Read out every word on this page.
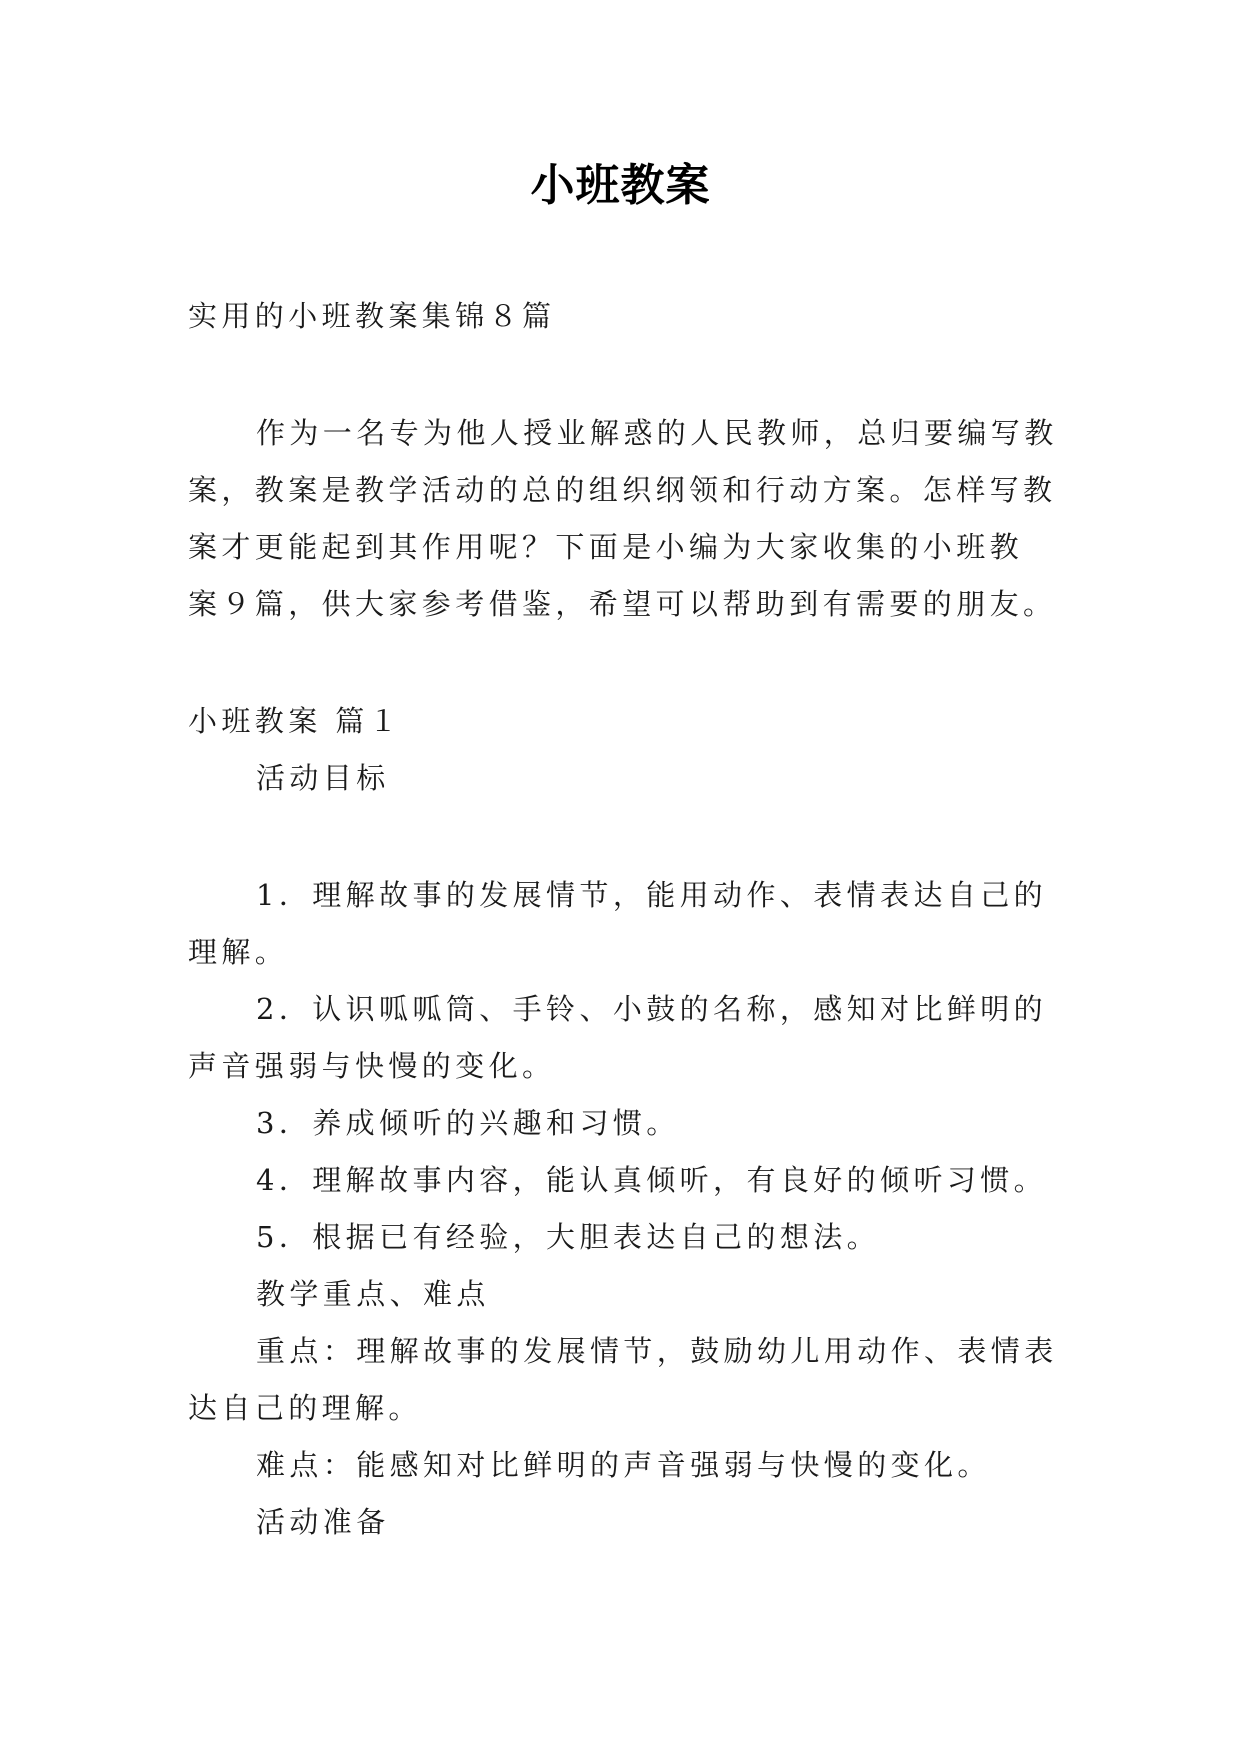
小班教案
实用的小班教案集锦８篇
作为一名专为他人授业解惑的人民教师，总归要编写教
案，教案是教学活动的总的组织纲领和行动方案。怎样写教
案才更能起到其作用呢？下面是小编为大家收集的小班教
案９篇，供大家参考借鉴，希望可以帮助到有需要的朋友。
小班教案 篇１
活动目标
1．理解故事的发展情节，能用动作、表情表达自己的
理解。
2．认识呱呱筒、手铃、小鼓的名称，感知对比鲜明的
声音强弱与快慢的变化。
3．养成倾听的兴趣和习惯。
4．理解故事内容，能认真倾听，有良好的倾听习惯。
5．根据已有经验，大胆表达自己的想法。
教学重点、难点
重点：理解故事的发展情节，鼓励幼儿用动作、表情表
达自己的理解。
难点：能感知对比鲜明的声音强弱与快慢的变化。
活动准备
